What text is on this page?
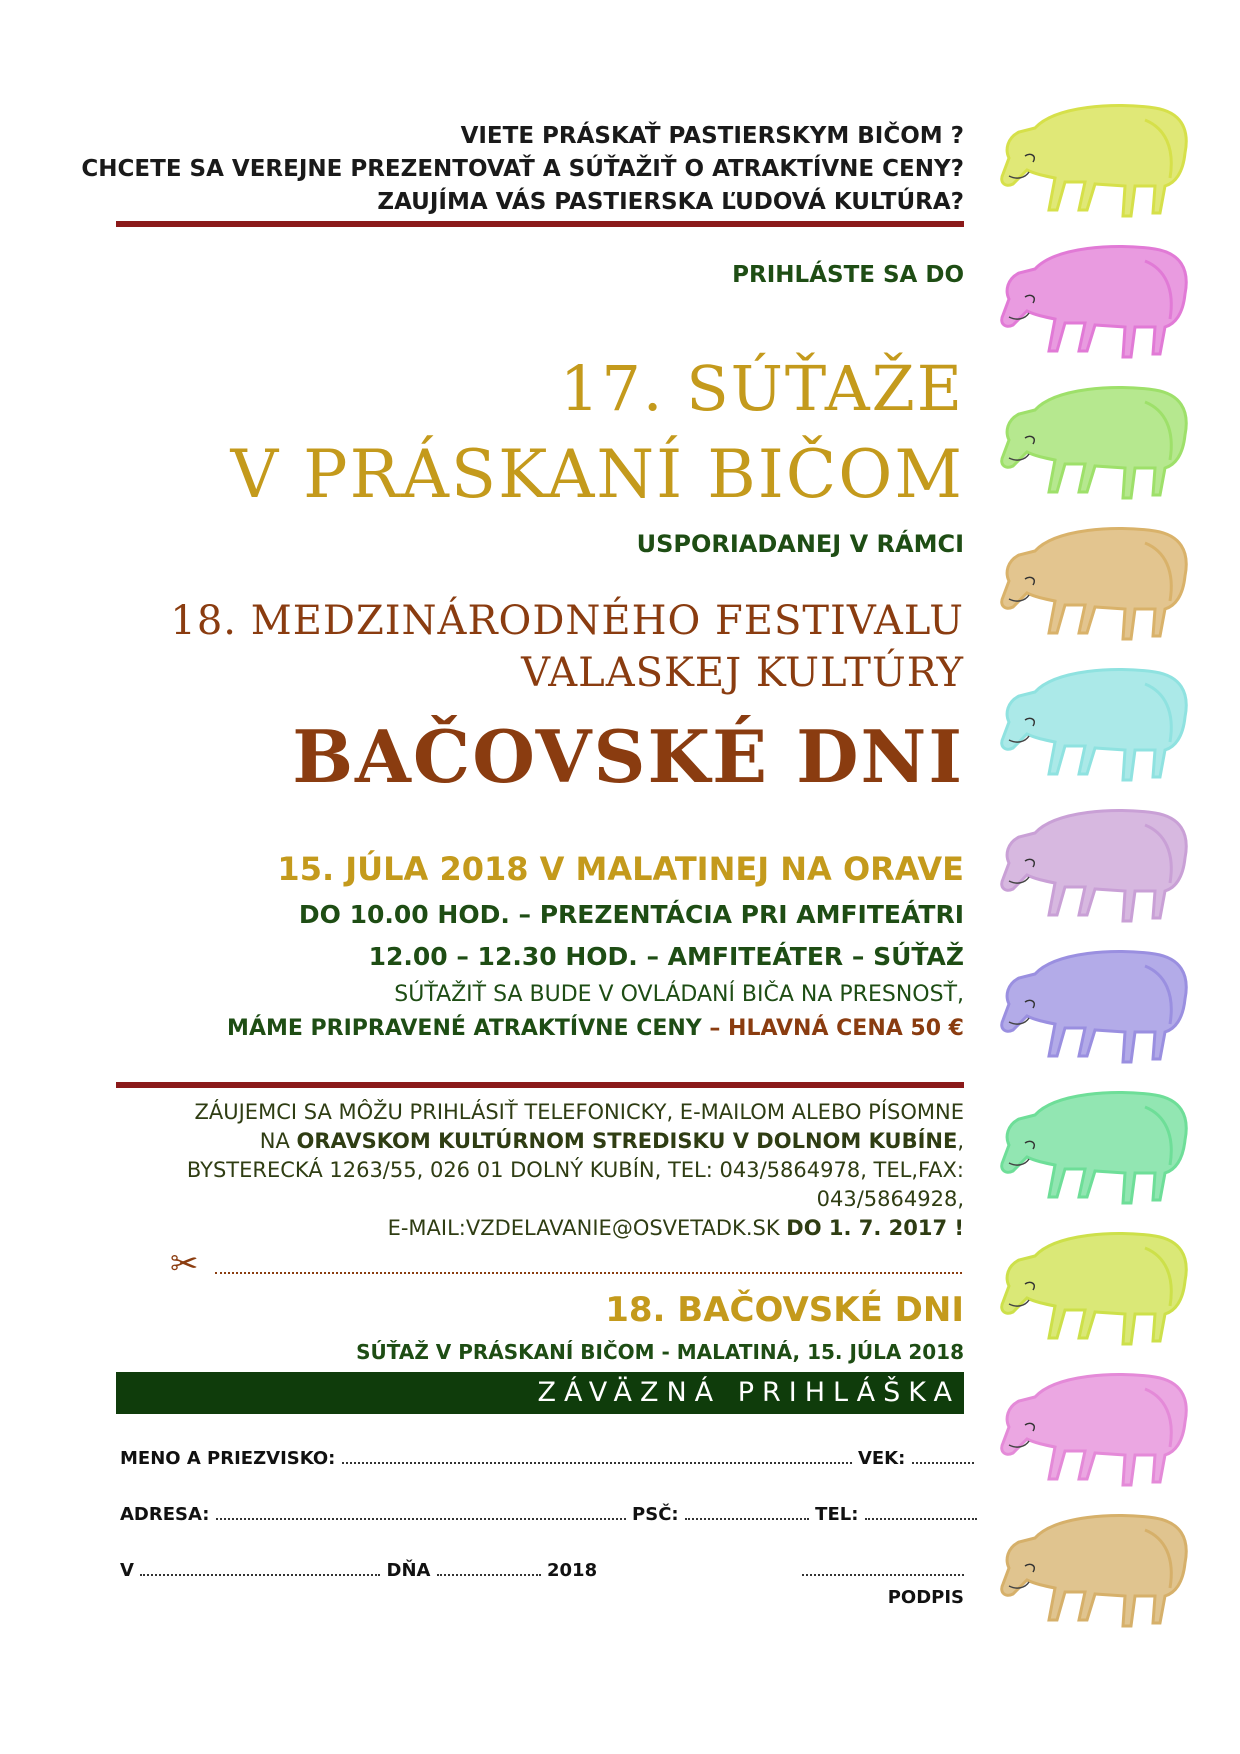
VIETE PRÁSKAŤ PASTIERSKYM BIČOM ?
CHCETE SA VEREJNE PREZENTOVAŤ A SÚŤAŽIŤ O ATRAKTÍVNE CENY?
ZAUJÍMA VÁS PASTIERSKA ĽUDOVÁ KULTÚRA?
PRIHLÁSTE SA DO
17. SÚŤAŽE
V PRÁSKANÍ BIČOM
USPORIADANEJ V RÁMCI
18. MEDZINÁRODNÉHO FESTIVALU
VALASKEJ KULTÚRY
BAČOVSKÉ DNI
15. JÚLA 2018 V MALATINEJ NA ORAVE
DO 10.00 HOD. – PREZENTÁCIA PRI AMFITEÁTRI
12.00 – 12.30 HOD. – AMFITEÁTER – SÚŤAŽ
SÚŤAŽIŤ SA BUDE V OVLÁDANÍ BIČA NA PRESNOSŤ,
MÁME PRIPRAVENÉ ATRAKTÍVNE CENY – HLAVNÁ CENA 50 €
ZÁUJEMCI SA MÔŽU PRIHLÁSIŤ TELEFONICKY, E-MAILOM ALEBO PÍSOMNE
NA ORAVSKOM KULTÚRNOM STREDISKU V DOLNOM KUBÍNE,
BYSTERECKÁ 1263/55, 026 01 DOLNÝ KUBÍN, TEL: 043/5864978, TEL,FAX:
043/5864928,
E-MAIL:VZDELAVANIE@OSVETADK.SK DO 1. 7. 2017 !
✂
18. BAČOVSKÉ DNI
SÚŤAŽ V PRÁSKANÍ BIČOM - MALATINÁ, 15. JÚLA 2018
ZÁVÄZNÁ PRIHLÁŠKA
MENO A PRIEZVISKO:	VEK:
ADRESA:	PSČ:	TEL:
V	DŇA	2018
PODPIS
